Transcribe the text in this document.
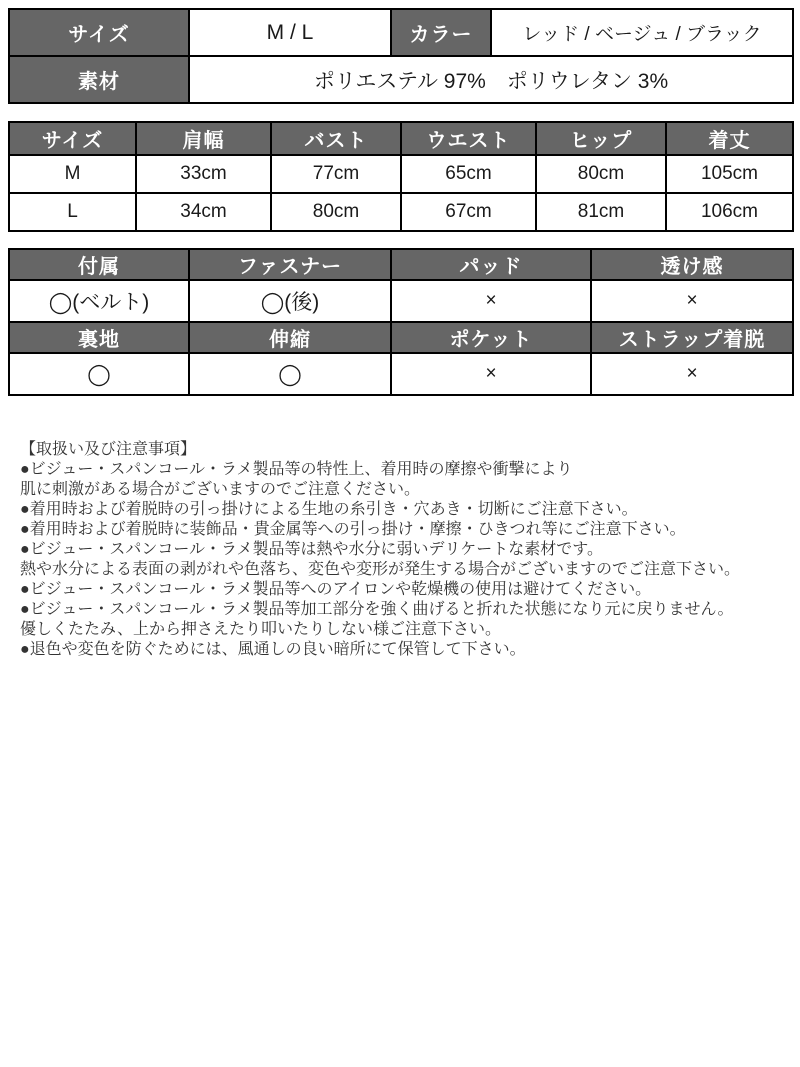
サイズ	M / L	カラー	レッド / ベージュ / ブラック
素材	ポリエステル 97%　ポリウレタン 3%		
サイズ	肩幅	バスト	ウエスト	ヒップ	着丈
M	33cm	77cm	65cm	80cm	105cm
L	34cm	80cm	67cm	81cm	106cm
付属	ファスナー	パッド	透け感
◯(ベルト)	◯(後)	×	×
裏地	伸縮	ポケット	ストラップ着脱
◯	◯	×	×
【取扱い及び注意事項】
●ビジュー・スパンコール・ラメ製品等の特性上、着用時の摩擦や衝撃により
肌に刺激がある場合がございますのでご注意ください。
●着用時および着脱時の引っ掛けによる生地の糸引き・穴あき・切断にご注意下さい。
●着用時および着脱時に装飾品・貴金属等への引っ掛け・摩擦・ひきつれ等にご注意下さい。
●ビジュー・スパンコール・ラメ製品等は熱や水分に弱いデリケートな素材です。
熱や水分による表面の剥がれや色落ち、変色や変形が発生する場合がございますのでご注意下さい。
●ビジュー・スパンコール・ラメ製品等へのアイロンや乾燥機の使用は避けてください。
●ビジュー・スパンコール・ラメ製品等加工部分を強く曲げると折れた状態になり元に戻りません。
優しくたたみ、上から押さえたり叩いたりしない様ご注意下さい。
●退色や変色を防ぐためには、風通しの良い暗所にて保管して下さい。
